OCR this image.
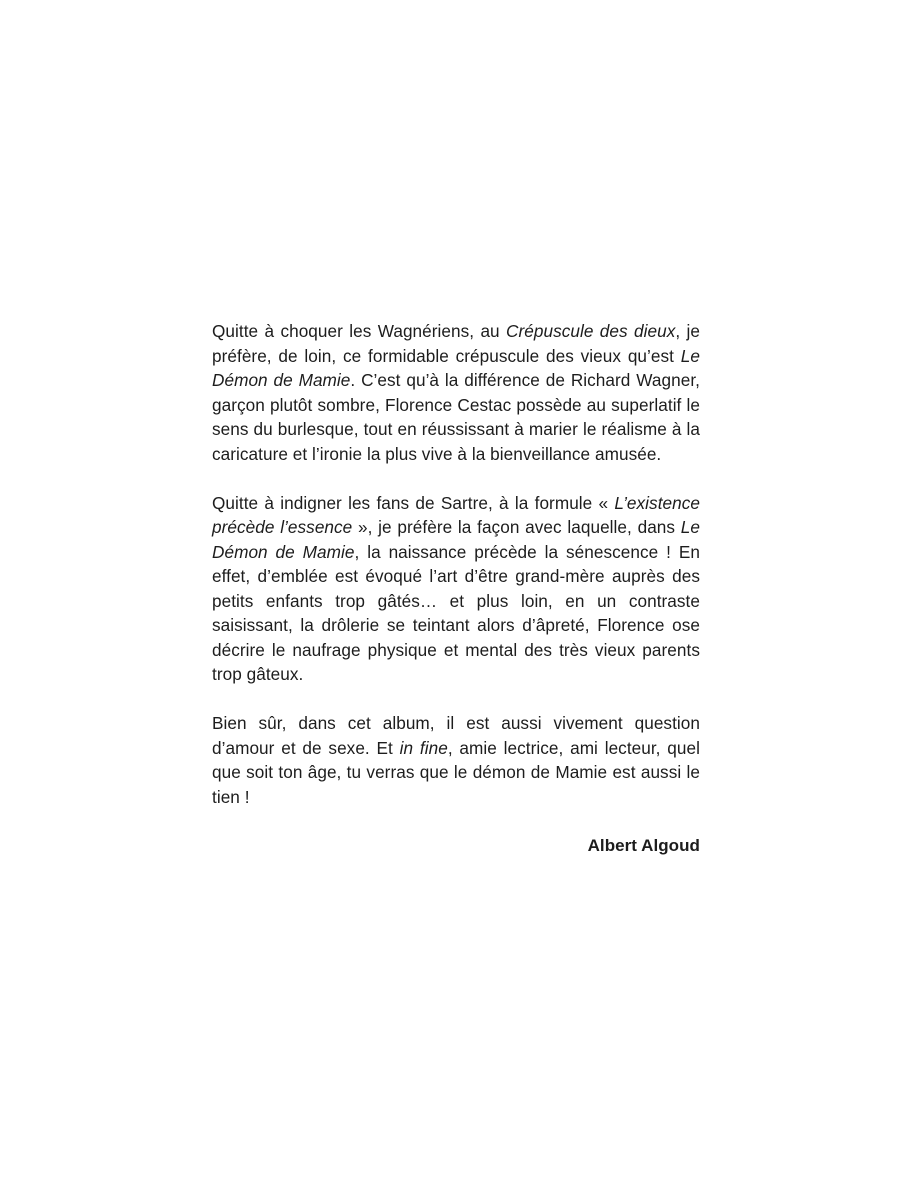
Quitte à choquer les Wagnériens, au Crépuscule des dieux, je préfère, de loin, ce formidable crépuscule des vieux qu’est Le Démon de Mamie. C’est qu’à la différence de Richard Wagner, garçon plutôt sombre, Florence Cestac possède au superlatif le sens du burlesque, tout en réussissant à marier le réalisme à la caricature et l’ironie la plus vive à la bienveillance amusée.

Quitte à indigner les fans de Sartre, à la formule « L’existence précède l’essence », je préfère la façon avec laquelle, dans Le Démon de Mamie, la naissance précède la sénescence ! En effet, d’emblée est évoqué l’art d’être grand-mère auprès des petits enfants trop gâtés… et plus loin, en un contraste saisissant, la drôlerie se teintant alors d’âpreté, Florence ose décrire le naufrage physique et mental des très vieux parents trop gâteux.

Bien sûr, dans cet album, il est aussi vivement question d’amour et de sexe. Et in fine, amie lectrice, ami lecteur, quel que soit ton âge, tu verras que le démon de Mamie est aussi le tien !

Albert Algoud
